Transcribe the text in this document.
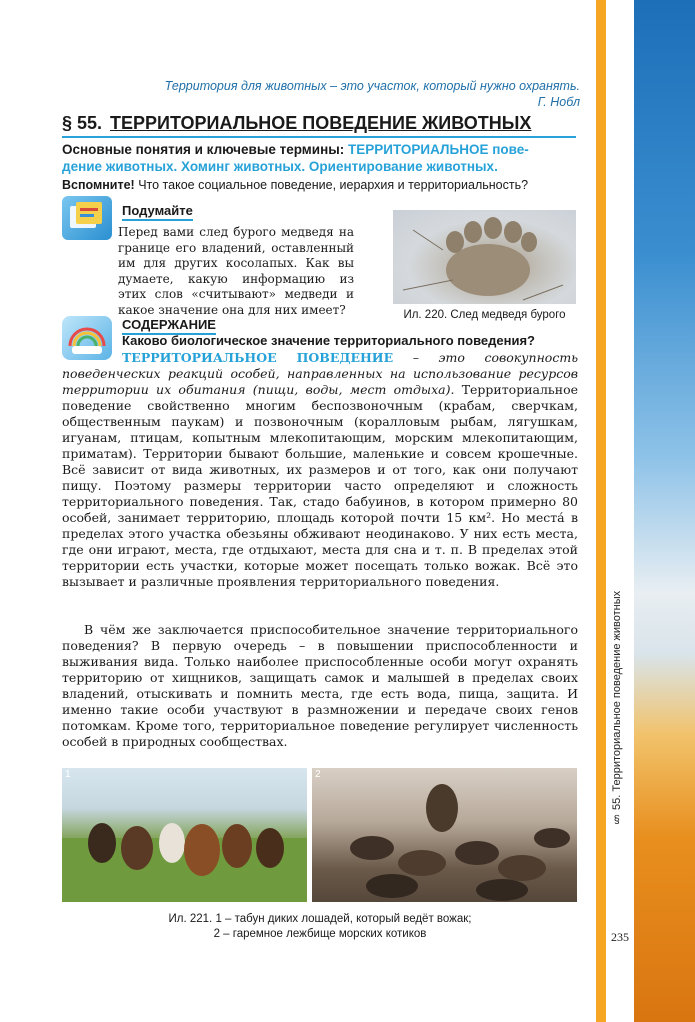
§ 55. Территориальное поведение животных
235
Территория для животных – это участок, который нужно охранять.
Г. Нобл
§ 55. ТЕРРИТОРИАЛЬНОЕ ПОВЕДЕНИЕ ЖИВОТНЫХ
Основные понятия и ключевые термины: ТЕРРИТОРИАЛЬНОЕ пове-
дение животных. Хоминг животных. Ориентирование животных.
Вспомните! Что такое социальное поведение, иерархия и территориальность?
Подумайте
Перед вами след бурого медведя на границе его владений, оставленный им для других косолапых. Как вы думаете, какую информацию из этих слов «считывают» медведи и какое значение она для них имеет?	Ил. 220. След медведя бурого
СОДЕРЖАНИЕ
Каково биологическое значение территориального поведения?
ТЕРРИТОРИАЛЬНОЕ ПОВЕДЕНИЕ – это совокупность поведенческих реакций особей, направленных на использование ресурсов территории их обитания (пищи, воды, мест отдыха). Территориальное поведение свойственно многим беспозвоночным (крабам, сверчкам, общественным паукам) и позвоночным (коралловым рыбам, лягушкам, игуанам, птицам, копытным млекопитающим, морским млекопитающим, приматам). Территории бывают большие, маленькие и совсем крошечные. Всё зависит от вида животных, их размеров и от того, как они получают пищу. Поэтому размеры территории часто определяют и сложность территориального поведения. Так, стадо бабуинов, в котором примерно 80 особей, занимает территорию, площадь которой почти 15 км². Но места́ в пределах этого участка обезьяны обживают неодинаково. У них есть места, где они играют, места, где отдыхают, места для сна и т. п. В пределах этой территории есть участки, которые может посещать только вожак. Всё это вызывает и различные проявления территориального поведения.
В чём же заключается приспособительное значение территориального поведения? В первую очередь – в повышении приспособленности и выживания вида. Только наиболее приспособленные особи могут охранять территорию от хищников, защищать самок и малышей в пределах своих владений, отыскивать и помнить места, где есть вода, пища, защита. И именно такие особи участвуют в размножении и передаче своих генов потомкам. Кроме того, территориальное поведение регулирует численность особей в природных сообществах.
1	2
Ил. 221. 1 – табун диких лошадей, который ведёт вожак;
2 – гаремное лежбище морских котиков
